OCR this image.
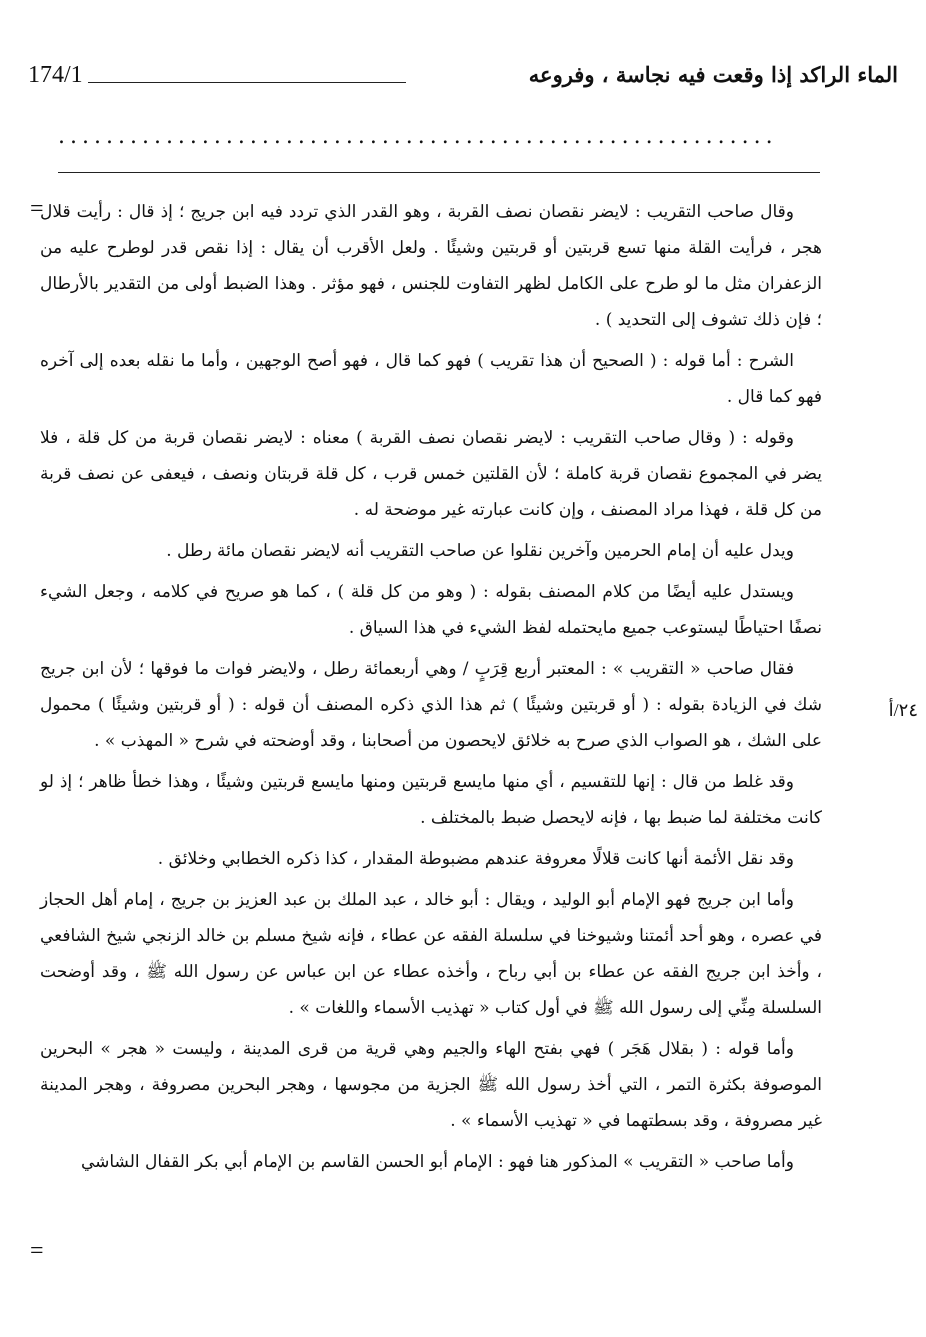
174/1	الماء الراكد إذا وقعت فيه نجاسة ، وفروعه
............................................................
=
٢٤/أ

وقال صاحب التقريب : لايضر نقصان نصف القربة ، وهو القدر الذي تردد فيه ابن جريج ؛ إذ قال : رأيت قلال هجر ، فرأيت القلة منها تسع قربتين أو قربتين وشيئًا . ولعل الأقرب أن يقال : إذا نقص قدر لوطرح عليه من الزعفران مثل ما لو طرح على الكامل لظهر التفاوت للجنس ، فهو مؤثر . وهذا الضبط أولى من التقدير بالأرطال ؛ فإن ذلك تشوف إلى التحديد ) .

الشرح : أما قوله : ( الصحيح أن هذا تقريب ) فهو كما قال ، فهو أصح الوجهين ، وأما ما نقله بعده إلى آخره فهو كما قال .

وقوله : ( وقال صاحب التقريب : لايضر نقصان نصف القربة ) معناه : لايضر نقصان قربة من كل قلة ، فلا يضر في المجموع نقصان قربة كاملة ؛ لأن القلتين خمس قرب ، كل قلة قربتان ونصف ، فيعفى عن نصف قربة من كل قلة ، فهذا مراد المصنف ، وإن كانت عبارته غير موضحة له .

ويدل عليه أن إمام الحرمين وآخرين نقلوا عن صاحب التقريب أنه لايضر نقصان مائة رطل .

ويستدل عليه أيضًا من كلام المصنف بقوله : ( وهو من كل قلة ) ، كما هو صريح في كلامه ، وجعل الشيء نصفًا احتياطًا ليستوعب جميع مايحتمله لفظ الشيء في هذا السياق .

فقال صاحب « التقريب » : المعتبر أربع قِرَبٍ / وهي أربعمائة رطل ، ولايضر فوات ما فوقها ؛ لأن ابن جريج شك في الزيادة بقوله : ( أو قربتين وشيئًا ) ثم هذا الذي ذكره المصنف أن قوله : ( أو قربتين وشيئًا ) محمول على الشك ، هو الصواب الذي صرح به خلائق لايحصون من أصحابنا ، وقد أوضحته في شرح « المهذب » .

وقد غلط من قال : إنها للتقسيم ، أي منها مايسع قربتين ومنها مايسع قربتين وشيئًا ، وهذا خطأ ظاهر ؛ إذ لو كانت مختلفة لما ضبط بها ، فإنه لايحصل ضبط بالمختلف .

وقد نقل الأئمة أنها كانت قلالًا معروفة عندهم مضبوطة المقدار ، كذا ذكره الخطابي وخلائق .

وأما ابن جريج فهو الإمام أبو الوليد ، ويقال : أبو خالد ، عبد الملك بن عبد العزيز بن جريج ، إمام أهل الحجاز في عصره ، وهو أحد أئمتنا وشيوخنا في سلسلة الفقه عن عطاء ، فإنه شيخ مسلم بن خالد الزنجي شيخ الشافعي ، وأخذ ابن جريج الفقه عن عطاء بن أبي رباح ، وأخذه عطاء عن ابن عباس عن رسول الله ﷺ ، وقد أوضحت السلسلة مِنِّي إلى رسول الله ﷺ في أول كتاب « تهذيب الأسماء واللغات » .

وأما قوله : ( بقلال هَجَر ) فهي بفتح الهاء والجيم وهي قرية من قرى المدينة ، وليست « هجر » البحرين الموصوفة بكثرة التمر ، التي أخذ رسول الله ﷺ الجزية من مجوسها ، وهجر البحرين مصروفة ، وهجر المدينة غير مصروفة ، وقد بسطتهما في « تهذيب الأسماء » .

وأما صاحب « التقريب » المذكور هنا فهو : الإمام أبو الحسن القاسم بن الإمام أبي بكر القفال الشاشي

=
